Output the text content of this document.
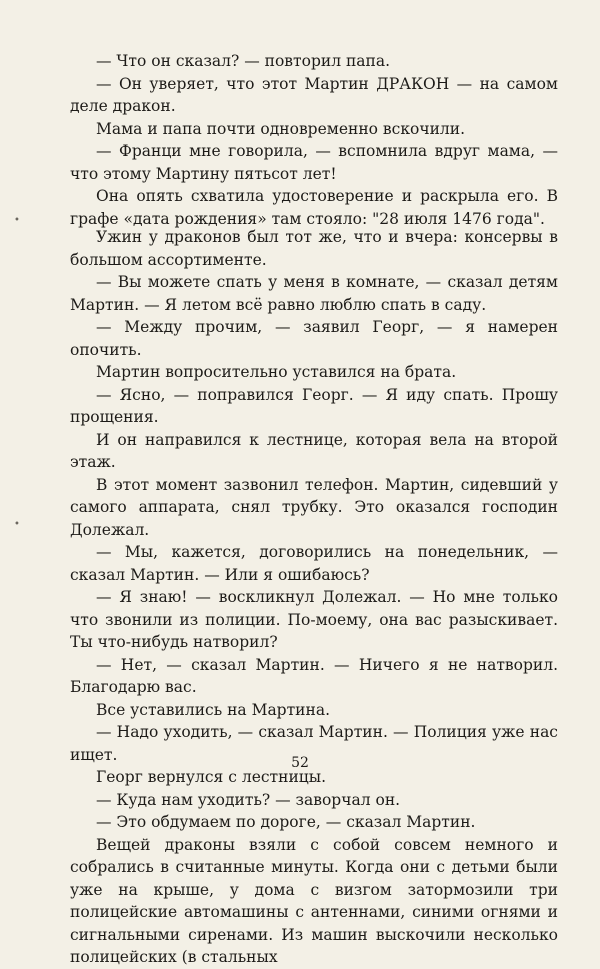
— Что он сказал? — повторил папа.

— Он уверяет, что этот Мартин ДРАКОН — на самом деле дракон.

Мама и папа почти одновременно вскочили.

— Франци мне говорила, — вспомнила вдруг мама, — что этому Мартину пятьсот лет!

Она опять схватила удостоверение и раскрыла его. В графе «дата рождения» там стояло: "28 июля 1476 года".

Ужин у драконов был тот же, что и вчера: консервы в большом ассортименте.

— Вы можете спать у меня в комнате, — сказал детям Мартин. — Я летом всё равно люблю спать в саду.

— Между прочим, — заявил Георг, — я намерен опочить.

Мартин вопросительно уставился на брата.

— Ясно, — поправился Георг. — Я иду спать. Прошу прощения.

И он направился к лестнице, которая вела на второй этаж.

В этот момент зазвонил телефон. Мартин, сидевший у самого аппарата, снял трубку. Это оказался господин Долежал.

— Мы, кажется, договорились на понедельник, — сказал Мартин. — Или я ошибаюсь?

— Я знаю! — воскликнул Долежал. — Но мне только что звонили из полиции. По-моему, она вас разыскивает. Ты что-нибудь натворил?

— Нет, — сказал Мартин. — Ничего я не натворил. Благодарю вас.

Все уставились на Мартина.

— Надо уходить, — сказал Мартин. — Полиция уже нас ищет.

Георг вернулся с лестницы.

— Куда нам уходить? — заворчал он.

— Это обдумаем по дороге, — сказал Мартин.

Вещей драконы взяли с собой совсем немного и собрались в считанные минуты. Когда они с детьми были уже на крыше, у дома с визгом затормозили три полицейские автомашины с антеннами, синими огнями и сигнальными сиренами. Из машин выскочили несколько полицейских (в стальных

•
•
52
